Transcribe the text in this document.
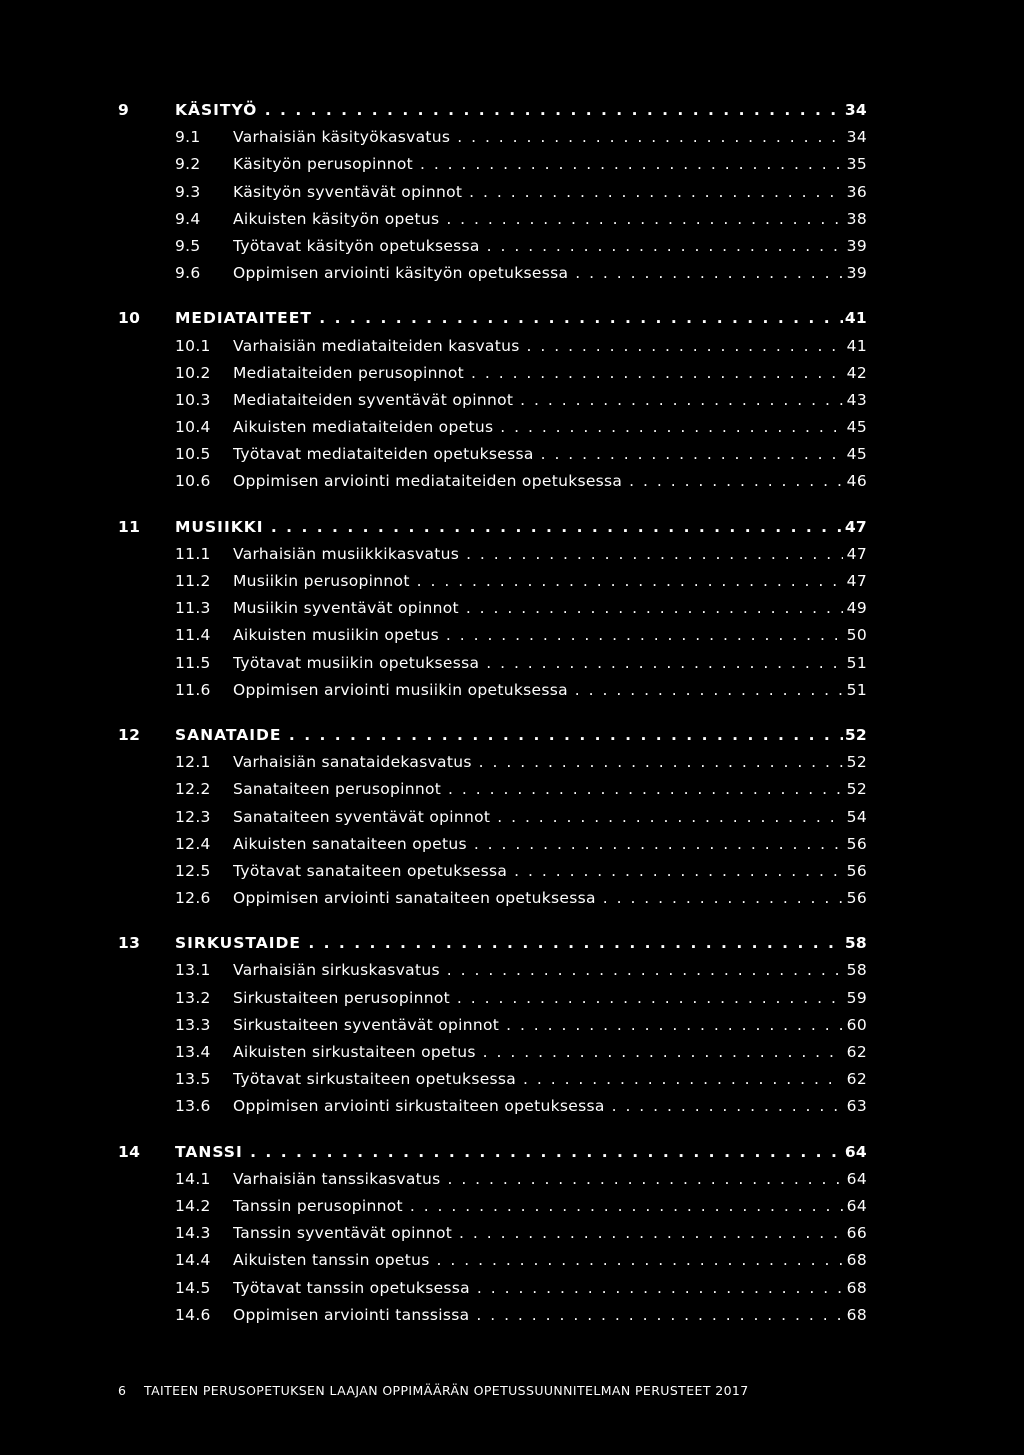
9	KÄSITYÖ . . .	34
9.1 Varhaisiän käsityökasvatus . . .	34
9.2 Käsityön perusopinnot . . .	35
9.3 Käsityön syventävät opinnot . . .	36
9.4 Aikuisten käsityön opetus . . .	38
9.5 Työtavat käsityön opetuksessa . . .	39
9.6 Oppimisen arviointi käsityön opetuksessa . . .	39
10 MEDIATAITEET . . .	41
10.1 Varhaisiän mediataiteiden kasvatus . . .	41
10.2 Mediataiteiden perusopinnot . . .	42
10.3 Mediataiteiden syventävät opinnot . . .	43
10.4 Aikuisten mediataiteiden opetus . . .	45
10.5 Työtavat mediataiteiden opetuksessa . . .	45
10.6 Oppimisen arviointi mediataiteiden opetuksessa . . .	46
11 MUSIIKKI . . .	47
11.1 Varhaisiän musiikkikasvatus . . .	47
11.2 Musiikin perusopinnot . . .	47
11.3 Musiikin syventävät opinnot . . .	49
11.4 Aikuisten musiikin opetus . . .	50
11.5 Työtavat musiikin opetuksessa . . .	51
11.6 Oppimisen arviointi musiikin opetuksessa . . .	51
12 SANATAIDE . . .	52
12.1 Varhaisiän sanataidekasvatus . . .	52
12.2 Sanataiteen perusopinnot . . .	52
12.3 Sanataiteen syventävät opinnot . . .	54
12.4 Aikuisten sanataiteen opetus . . .	56
12.5 Työtavat sanataiteen opetuksessa . . .	56
12.6 Oppimisen arviointi sanataiteen opetuksessa . . .	56
13 SIRKUSTAIDE . . .	58
13.1 Varhaisiän sirkuskasvatus . . .	58
13.2 Sirkustaiteen perusopinnot . . .	59
13.3 Sirkustaiteen syventävät opinnot . . .	60
13.4 Aikuisten sirkustaiteen opetus . . .	62
13.5 Työtavat sirkustaiteen opetuksessa . . .	62
13.6 Oppimisen arviointi sirkustaiteen opetuksessa . . .	63
14 TANSSI . . .	64
14.1 Varhaisiän tanssikasvatus . . .	64
14.2 Tanssin perusopinnot . . .	64
14.3 Tanssin syventävät opinnot . . .	66
14.4 Aikuisten tanssin opetus . . .	68
14.5 Työtavat tanssin opetuksessa . . .	68
14.6 Oppimisen arviointi tanssissa . . .	68
6 TAITEEN PERUSOPETUKSEN LAAJAN OPPIMÄÄRÄN OPETUSSUUNNITELMAN PERUSTEET 2017
